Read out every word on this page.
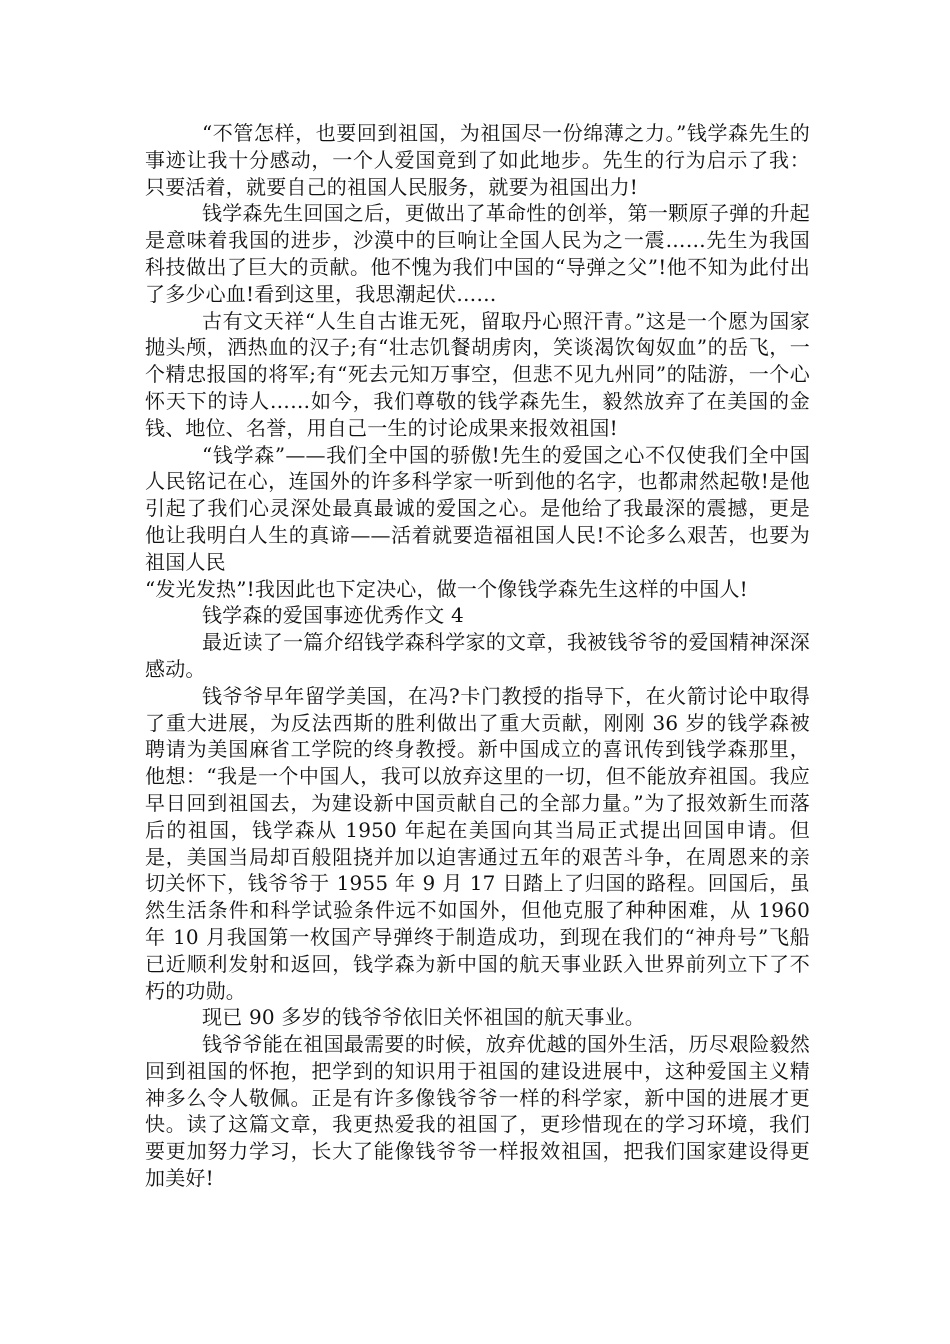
“不管怎样，也要回到祖国，为祖国尽一份绵薄之力。”钱学森先生的事迹让我十分感动，一个人爱国竟到了如此地步。先生的行为启示了我：只要活着，就要自己的祖国人民服务，就要为祖国出力!

钱学森先生回国之后，更做出了革命性的创举，第一颗原子弹的升起是意味着我国的进步，沙漠中的巨响让全国人民为之一震……先生为我国科技做出了巨大的贡献。他不愧为我们中国的“导弹之父”!他不知为此付出了多少心血!看到这里，我思潮起伏……

古有文天祥“人生自古谁无死，留取丹心照汗青。”这是一个愿为国家抛头颅，洒热血的汉子;有“壮志饥餐胡虏肉，笑谈渴饮匈奴血”的岳飞，一个精忠报国的将军;有“死去元知万事空，但悲不见九州同”的陆游，一个心怀天下的诗人……如今，我们尊敬的钱学森先生，毅然放弃了在美国的金钱、地位、名誉，用自己一生的讨论成果来报效祖国!

“钱学森”——我们全中国的骄傲!先生的爱国之心不仅使我们全中国人民铭记在心，连国外的许多科学家一听到他的名字，也都肃然起敬!是他引起了我们心灵深处最真最诚的爱国之心。是他给了我最深的震撼，更是他让我明白人生的真谛——活着就要造福祖国人民!不论多么艰苦，也要为祖国人民

“发光发热”!我因此也下定决心，做一个像钱学森先生这样的中国人!

钱学森的爱国事迹优秀作文 4

最近读了一篇介绍钱学森科学家的文章，我被钱爷爷的爱国精神深深感动。

钱爷爷早年留学美国，在冯?卡门教授的指导下，在火箭讨论中取得了重大进展，为反法西斯的胜利做出了重大贡献，刚刚 36 岁的钱学森被聘请为美国麻省工学院的终身教授。新中国成立的喜讯传到钱学森那里，他想：“我是一个中国人，我可以放弃这里的一切，但不能放弃祖国。我应早日回到祖国去，为建设新中国贡献自己的全部力量。”为了报效新生而落后的祖国，钱学森从 1950 年起在美国向其当局正式提出回国申请。但是，美国当局却百般阻挠并加以迫害通过五年的艰苦斗争，在周恩来的亲切关怀下，钱爷爷于 1955 年 9 月 17 日踏上了归国的路程。回国后，虽然生活条件和科学试验条件远不如国外，但他克服了种种困难，从 1960 年 10 月我国第一枚国产导弹终于制造成功，到现在我们的“神舟号”飞船已近顺利发射和返回，钱学森为新中国的航天事业跃入世界前列立下了不朽的功勋。

现已 90 多岁的钱爷爷依旧关怀祖国的航天事业。

钱爷爷能在祖国最需要的时候，放弃优越的国外生活，历尽艰险毅然回到祖国的怀抱，把学到的知识用于祖国的建设进展中，这种爱国主义精神多么令人敬佩。正是有许多像钱爷爷一样的科学家，新中国的进展才更快。读了这篇文章，我更热爱我的祖国了，更珍惜现在的学习环境，我们要更加努力学习，长大了能像钱爷爷一样报效祖国，把我们国家建设得更加美好!
